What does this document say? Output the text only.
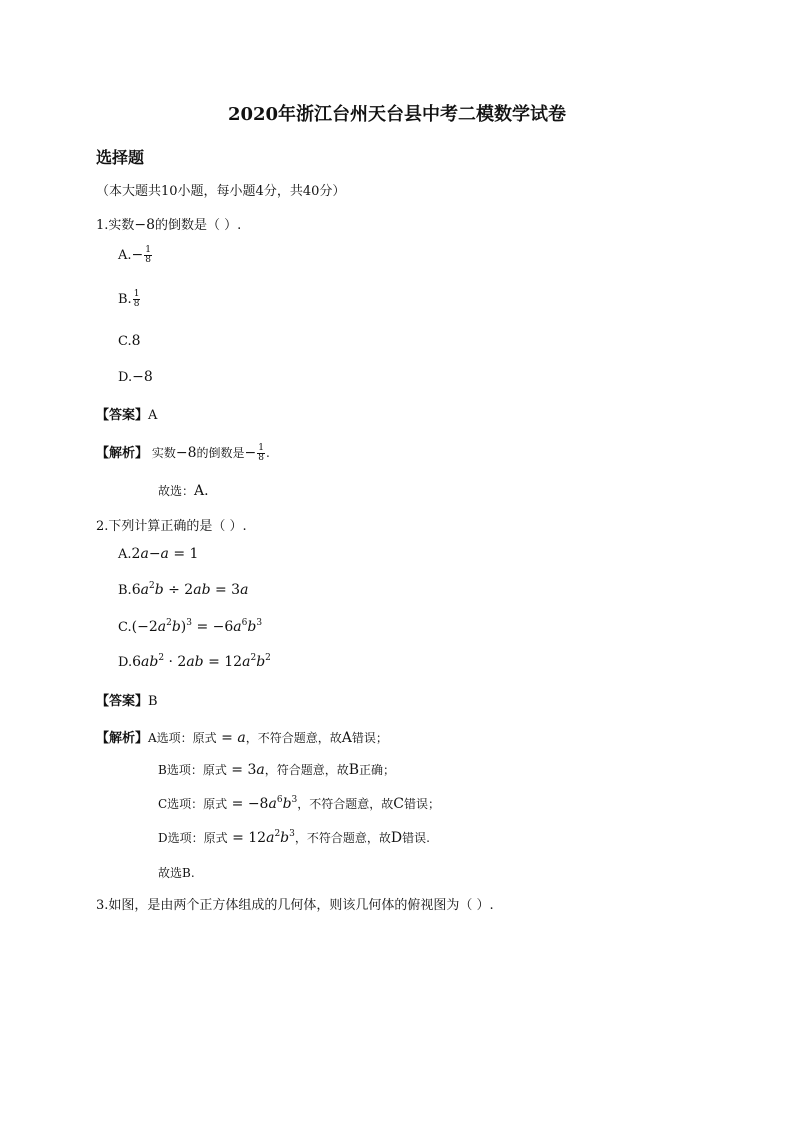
2020年浙江台州天台县中考二模数学试卷
选择题
（本大题共10小题，每小题4分，共40分）
1.实数−8的倒数是（ ）.
$A.- \frac{1}{8}$
B. $\frac{1}{8}$
C.8
D.−8
【答案】A
【解析】 实数−8的倒数是− $\frac{1}{8}$ .
故选：A.
2.下列计算正确的是（ ）.
A.2a−a = 1
$B.6a^2b \div 2ab = 3a$
$C.(-2a^2b)^3 = -6a^6b^3$
$D.6ab^2 \cdot 2ab = 12a^2b^2$
【答案】B
【解析】A选项：原式 = a，不符合题意，故A错误；
B选项：原式 = 3a，符合题意，故B正确；
C选项：原式 = $-8a^6b^3$，不符合题意，故C错误；
D选项：原式 = $12a^2b^3$，不符合题意，故D错误.
故选B.
3.如图，是由两个正方体组成的几何体，则该几何体的俯视图为（ ）.
